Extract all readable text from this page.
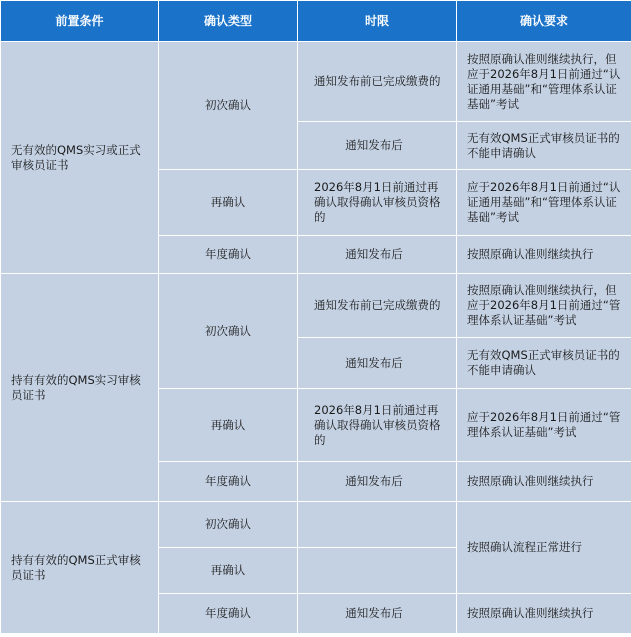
前置条件	确认类型	时限	确认要求
无有效的QMS实习或正式审核员证书	初次确认	通知发布前已完成缴费的	按照原确认准则继续执行，但应于2026年8月1日前通过“认证通用基础”和“管理体系认证基础”考试
		通知发布后	无有效QMS正式审核员证书的不能申请确认
	再确认	2026年8月1日前通过再确认取得确认审核员资格的	应于2026年8月1日前通过“认证通用基础”和“管理体系认证基础”考试
	年度确认	通知发布后	按照原确认准则继续执行
持有有效的QMS实习审核员证书	初次确认	通知发布前已完成缴费的	按照原确认准则继续执行，但应于2026年8月1日前通过“管理体系认证基础”考试
		通知发布后	无有效QMS正式审核员证书的不能申请确认
	再确认	2026年8月1日前通过再确认取得确认审核员资格的	应于2026年8月1日前通过“管理体系认证基础”考试
	年度确认	通知发布后	按照原确认准则继续执行
持有有效的QMS正式审核员证书	初次确认		按照确认流程正常进行
	再确认		
	年度确认	通知发布后	按照原确认准则继续执行
